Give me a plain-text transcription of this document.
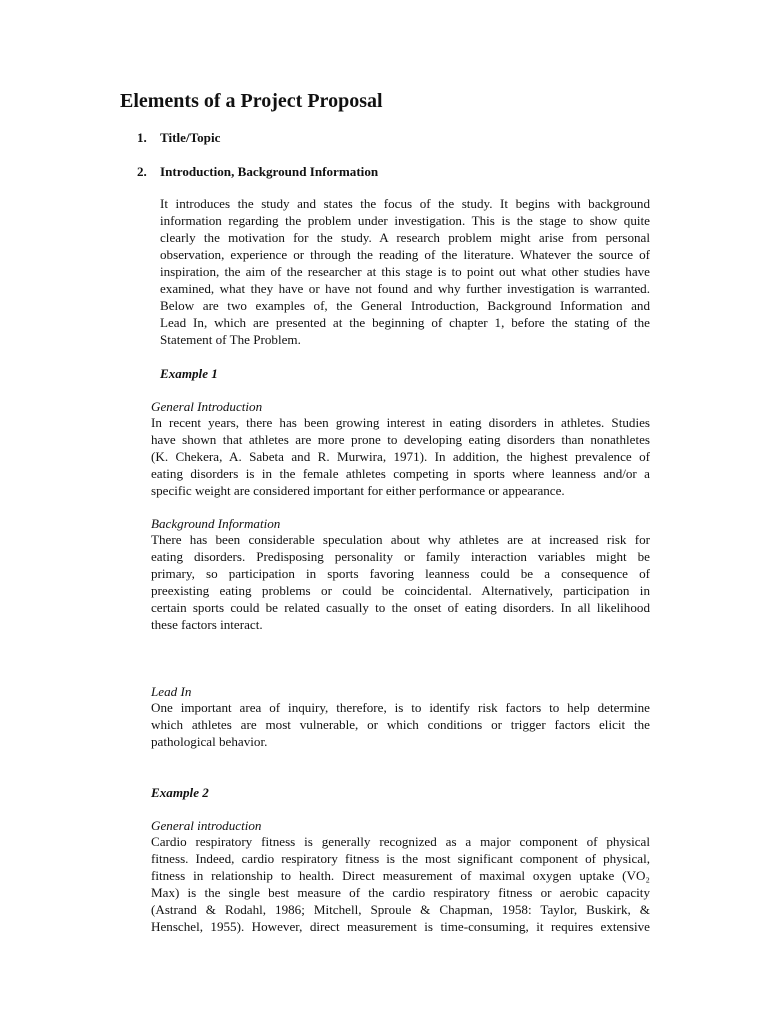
Elements of a Project Proposal

1. Title/Topic

2. Introduction, Background Information

It introduces the study and states the focus of the study. It begins with background
information regarding the problem under investigation. This is the stage to show quite
clearly the motivation for the study. A research problem might arise from personal
observation, experience or through the reading of the literature. Whatever the source of
inspiration, the aim of the researcher at this stage is to point out what other studies have
examined, what they have or have not found and why further investigation is warranted.
Below are two examples of, the General Introduction, Background Information and
Lead In, which are presented at the beginning of chapter 1, before the stating of the
Statement of The Problem.

Example 1

General Introduction

In recent years, there has been growing interest in eating disorders in athletes. Studies
have shown that athletes are more prone to developing eating disorders than nonathletes
(K. Chekera, A. Sabeta and R. Murwira, 1971). In addition, the highest prevalence of
eating disorders is in the female athletes competing in sports where leanness and/or a
specific weight are considered important for either performance or appearance.

Background Information

There has been considerable speculation about why athletes are at increased risk for
eating disorders. Predisposing personality or family interaction variables might be
primary, so participation in sports favoring leanness could be a consequence of
preexisting eating problems or could be coincidental. Alternatively, participation in
certain sports could be related casually to the onset of eating disorders. In all likelihood
these factors interact.

Lead In

One important area of inquiry, therefore, is to identify risk factors to help determine
which athletes are most vulnerable, or which conditions or trigger factors elicit the
pathological behavior.

Example 2

General introduction

Cardio respiratory fitness is generally recognized as a major component of physical
fitness. Indeed, cardio respiratory fitness is the most significant component of physical,
fitness in relationship to health. Direct measurement of maximal oxygen uptake (VO₂
Max) is the single best measure of the cardio respiratory fitness or aerobic capacity
(Astrand & Rodahl, 1986; Mitchell, Sproule & Chapman, 1958: Taylor, Buskirk, &
Henschel, 1955). However, direct measurement is time-consuming, it requires extensive
